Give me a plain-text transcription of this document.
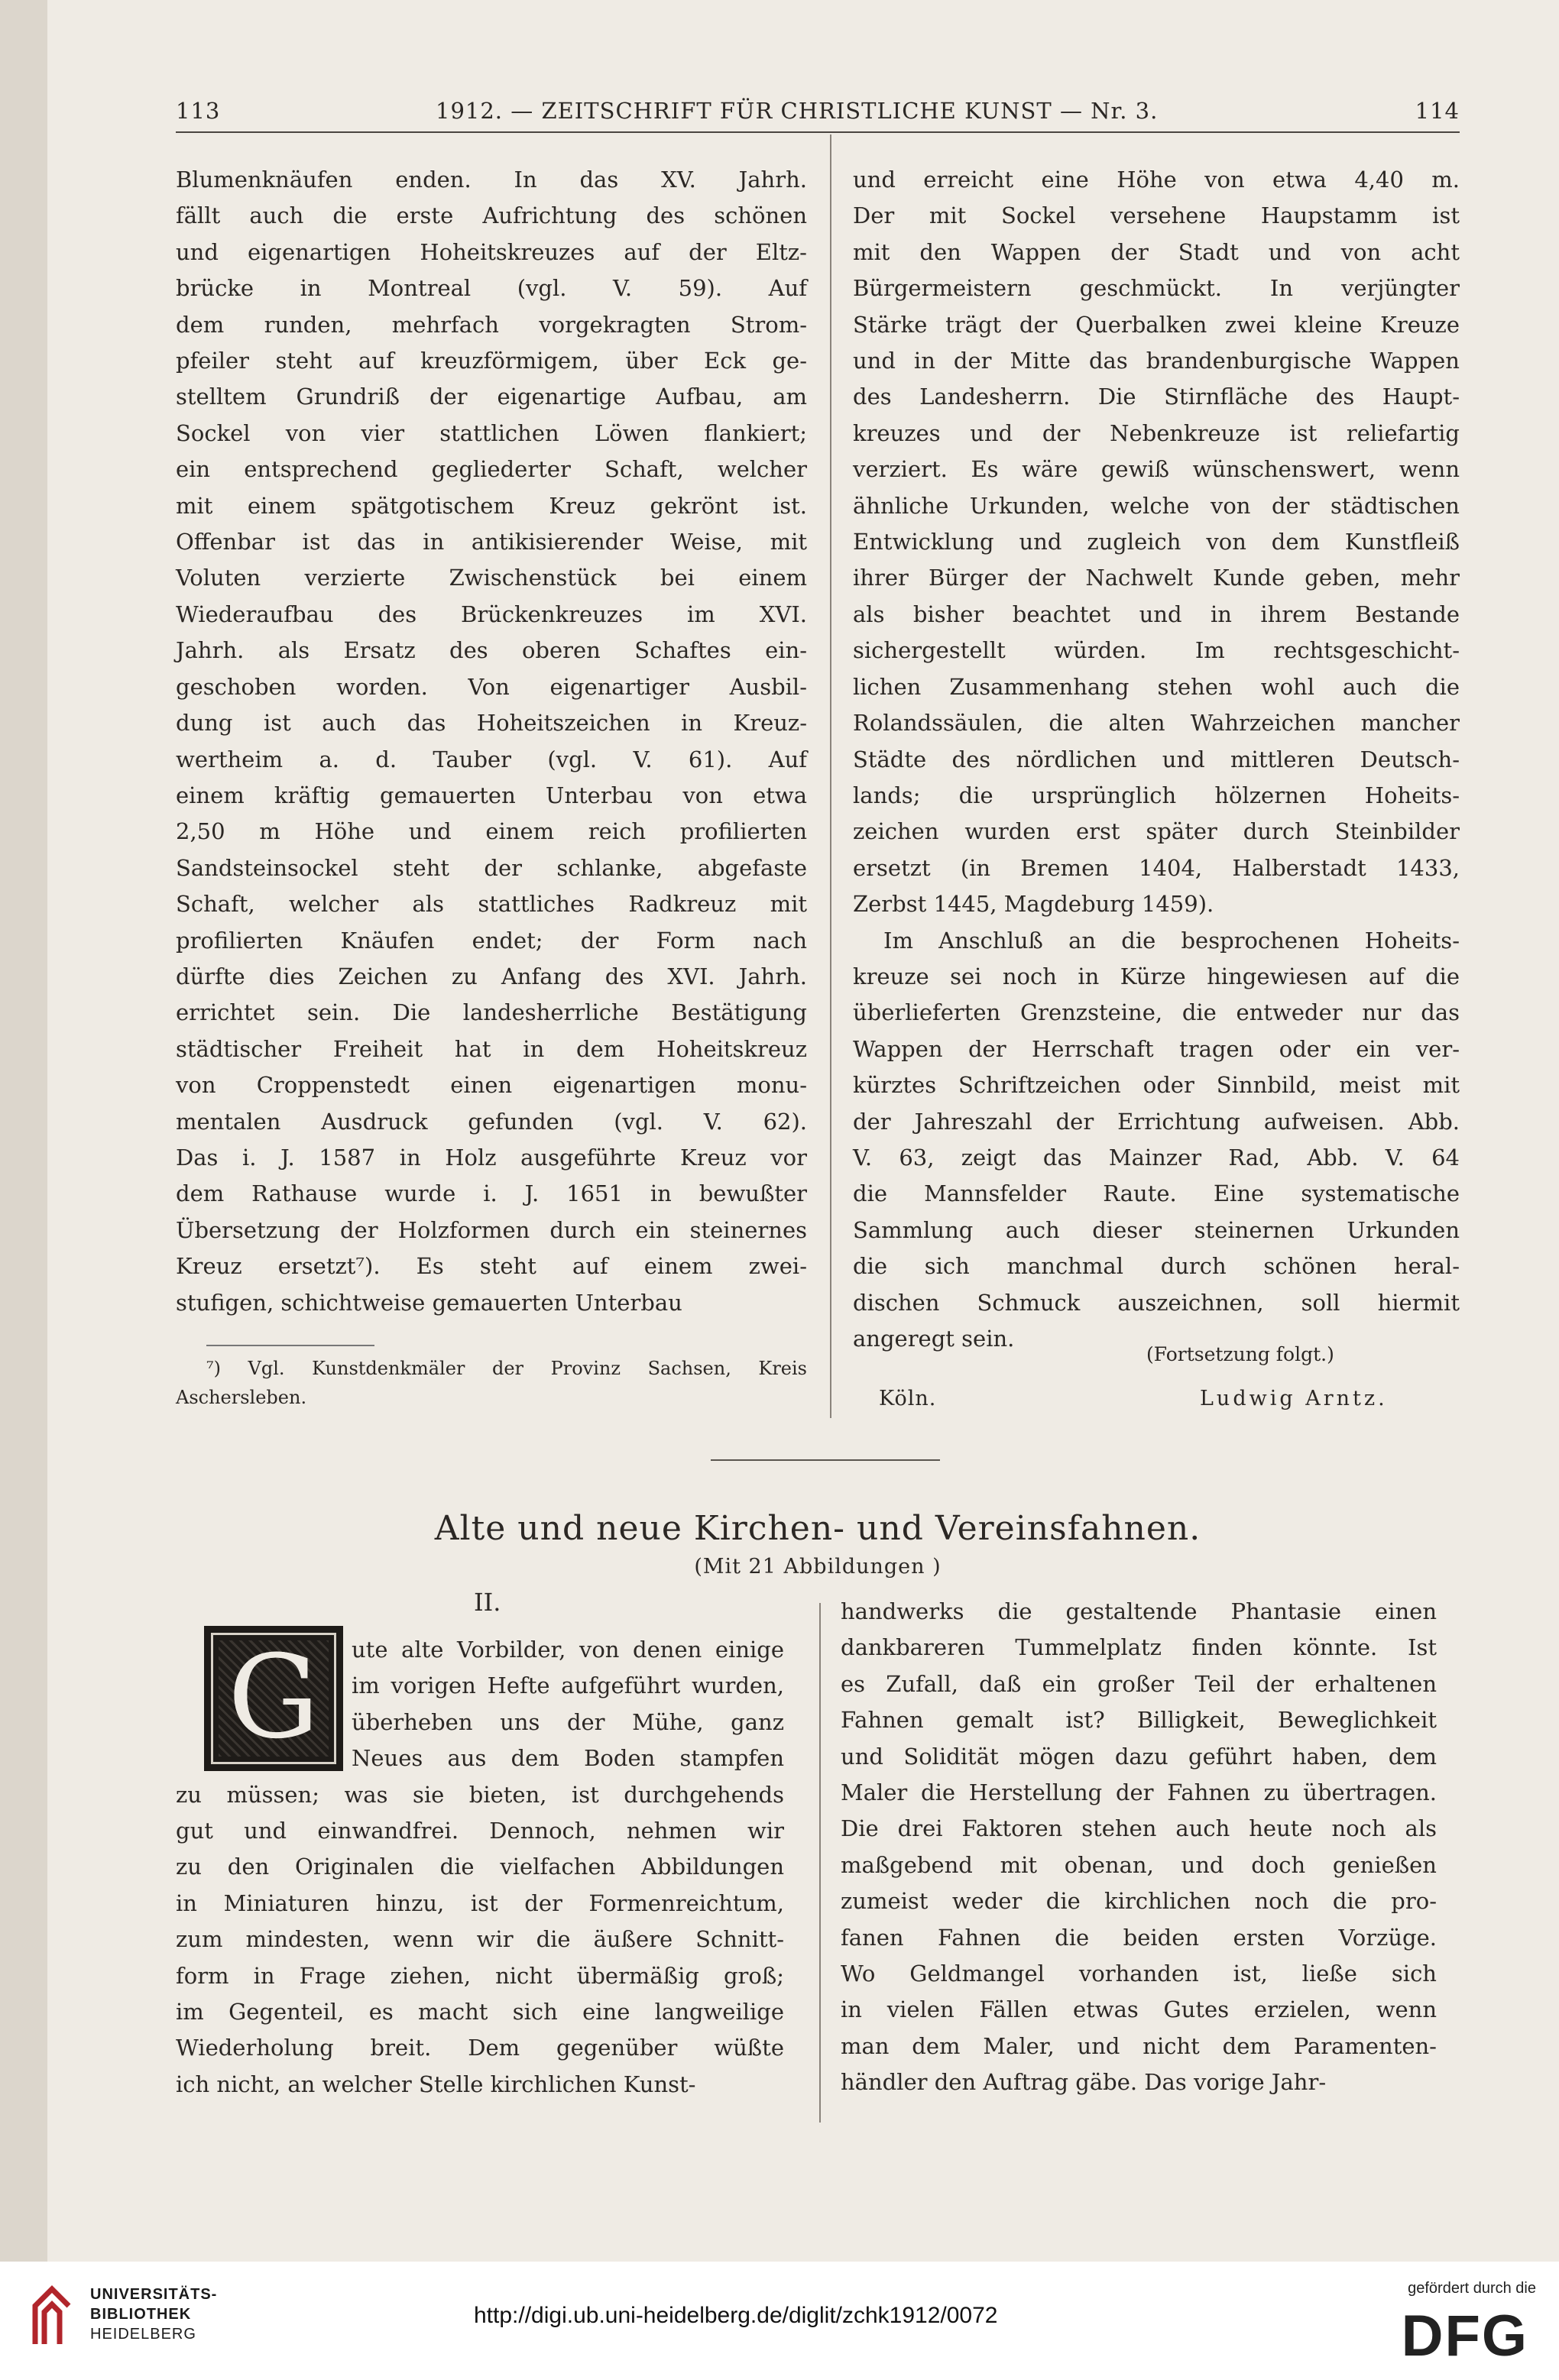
113	1912. — ZEITSCHRIFT FÜR CHRISTLICHE KUNST — Nr. 3.	114
Blumenknäufen enden. In das XV. Jahrh.
fällt auch die erste Aufrichtung des schönen
und eigenartigen Hoheitskreuzes auf der Eltz-
brücke in Montreal (vgl. V. 59). Auf
dem runden, mehrfach vorgekragten Strom-
pfeiler steht auf kreuzförmigem, über Eck ge-
stelltem Grundriß der eigenartige Aufbau, am
Sockel von vier stattlichen Löwen flankiert;
ein entsprechend gegliederter Schaft, welcher
mit einem spätgotischem Kreuz gekrönt ist.
Offenbar ist das in antikisierender Weise, mit
Voluten verzierte Zwischenstück bei einem
Wiederaufbau des Brückenkreuzes im XVI.
Jahrh. als Ersatz des oberen Schaftes ein-
geschoben worden. Von eigenartiger Ausbil-
dung ist auch das Hoheitszeichen in Kreuz-
wertheim a. d. Tauber (vgl. V. 61). Auf
einem kräftig gemauerten Unterbau von etwa
2,50 m Höhe und einem reich profilierten
Sandsteinsockel steht der schlanke, abgefaste
Schaft, welcher als stattliches Radkreuz mit
profilierten Knäufen endet; der Form nach
dürfte dies Zeichen zu Anfang des XVI. Jahrh.
errichtet sein. Die landesherrliche Bestätigung
städtischer Freiheit hat in dem Hoheitskreuz
von Croppenstedt einen eigenartigen monu-
mentalen Ausdruck gefunden (vgl. V. 62).
Das i. J. 1587 in Holz ausgeführte Kreuz vor
dem Rathause wurde i. J. 1651 in bewußter
Übersetzung der Holzformen durch ein steinernes
Kreuz ersetzt⁷). Es steht auf einem zwei-
stufigen, schichtweise gemauerten Unterbau
und erreicht eine Höhe von etwa 4,40 m.
Der mit Sockel versehene Haupstamm ist
mit den Wappen der Stadt und von acht
Bürgermeistern geschmückt. In verjüngter
Stärke trägt der Querbalken zwei kleine Kreuze
und in der Mitte das brandenburgische Wappen
des Landesherrn. Die Stirnfläche des Haupt-
kreuzes und der Nebenkreuze ist reliefartig
verziert. Es wäre gewiß wünschenswert, wenn
ähnliche Urkunden, welche von der städtischen
Entwicklung und zugleich von dem Kunstfleiß
ihrer Bürger der Nachwelt Kunde geben, mehr
als bisher beachtet und in ihrem Bestande
sichergestellt würden. Im rechtsgeschicht-
lichen Zusammenhang stehen wohl auch die
Rolandssäulen, die alten Wahrzeichen mancher
Städte des nördlichen und mittleren Deutsch-
lands; die ursprünglich hölzernen Hoheits-
zeichen wurden erst später durch Steinbilder
ersetzt (in Bremen 1404, Halberstadt 1433,
Zerbst 1445, Magdeburg 1459).
Im Anschluß an die besprochenen Hoheits-
kreuze sei noch in Kürze hingewiesen auf die
überlieferten Grenzsteine, die entweder nur das
Wappen der Herrschaft tragen oder ein ver-
kürztes Schriftzeichen oder Sinnbild, meist mit
der Jahreszahl der Errichtung aufweisen. Abb.
V. 63, zeigt das Mainzer Rad, Abb. V. 64
die Mannsfelder Raute. Eine systematische
Sammlung auch dieser steinernen Urkunden
die sich manchmal durch schönen heral-
dischen Schmuck auszeichnen, soll hiermit
angeregt sein.
⁷) Vgl. Kunstdenkmäler der Provinz Sachsen, Kreis
Aschersleben.
(Fortsetzung folgt.)
Köln.	Ludwig Arntz.
Alte und neue Kirchen- und Vereinsfahnen.
(Mit 21 Abbildungen )
II.
G	ute alte Vorbilder, von denen einige
im vorigen Hefte aufgeführt wurden,
überheben uns der Mühe, ganz
Neues aus dem Boden stampfen
zu müssen; was sie bieten, ist durchgehends
gut und einwandfrei. Dennoch, nehmen wir
zu den Originalen die vielfachen Abbildungen
in Miniaturen hinzu, ist der Formenreichtum,
zum mindesten, wenn wir die äußere Schnitt-
form in Frage ziehen, nicht übermäßig groß;
im Gegenteil, es macht sich eine langweilige
Wiederholung breit. Dem gegenüber wüßte
ich nicht, an welcher Stelle kirchlichen Kunst-
handwerks die gestaltende Phantasie einen
dankbareren Tummelplatz finden könnte. Ist
es Zufall, daß ein großer Teil der erhaltenen
Fahnen gemalt ist? Billigkeit, Beweglichkeit
und Solidität mögen dazu geführt haben, dem
Maler die Herstellung der Fahnen zu übertragen.
Die drei Faktoren stehen auch heute noch als
maßgebend mit obenan, und doch genießen
zumeist weder die kirchlichen noch die pro-
fanen Fahnen die beiden ersten Vorzüge.
Wo Geldmangel vorhanden ist, ließe sich
in vielen Fällen etwas Gutes erzielen, wenn
man dem Maler, und nicht dem Paramenten-
händler den Auftrag gäbe. Das vorige Jahr-
UNIVERSITÄTS-
BIBLIOTHEK
HEIDELBERG
http://digi.ub.uni-heidelberg.de/diglit/zchk1912/0072
gefördert durch die
DFG
